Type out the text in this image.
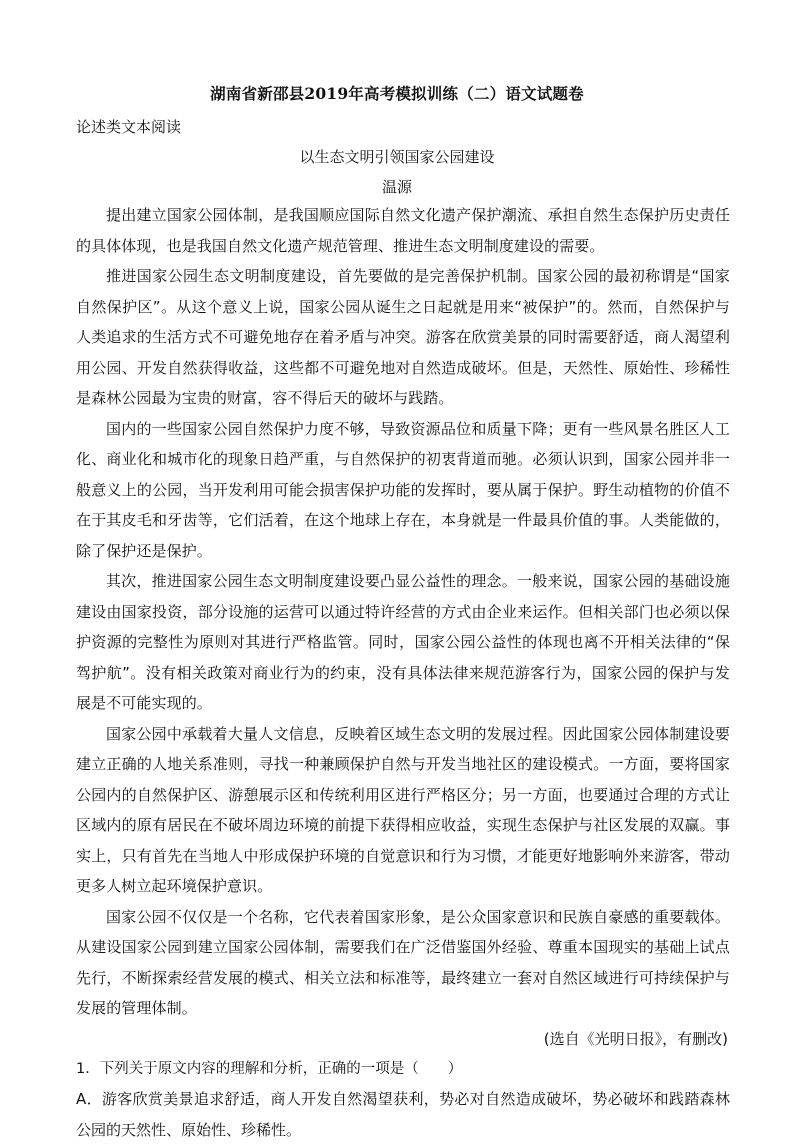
湖南省新邵县2019年高考模拟训练（二）语文试题卷
论述类文本阅读
以生态文明引领国家公园建设
温源

提出建立国家公园体制，是我国顺应国际自然文化遗产保护潮流、承担自然生态保护历史责任的具体体现，也是我国自然文化遗产规范管理、推进生态文明制度建设的需要。

推进国家公园生态文明制度建设，首先要做的是完善保护机制。国家公园的最初称谓是“国家自然保护区”。从这个意义上说，国家公园从诞生之日起就是用来“被保护”的。然而，自然保护与人类追求的生活方式不可避免地存在着矛盾与冲突。游客在欣赏美景的同时需要舒适，商人渴望利用公园、开发自然获得收益，这些都不可避免地对自然造成破坏。但是，天然性、原始性、珍稀性是森林公园最为宝贵的财富，容不得后天的破坏与践踏。

国内的一些国家公园自然保护力度不够，导致资源品位和质量下降；更有一些风景名胜区人工化、商业化和城市化的现象日趋严重，与自然保护的初衷背道而驰。必须认识到，国家公园并非一般意义上的公园，当开发利用可能会损害保护功能的发挥时，要从属于保护。野生动植物的价值不在于其皮毛和牙齿等，它们活着，在这个地球上存在，本身就是一件最具价值的事。人类能做的，除了保护还是保护。

其次，推进国家公园生态文明制度建设要凸显公益性的理念。一般来说，国家公园的基础设施建设由国家投资，部分设施的运营可以通过特许经营的方式由企业来运作。但相关部门也必须以保护资源的完整性为原则对其进行严格监管。同时，国家公园公益性的体现也离不开相关法律的“保驾护航”。没有相关政策对商业行为的约束，没有具体法律来规范游客行为，国家公园的保护与发展是不可能实现的。

国家公园中承载着大量人文信息，反映着区域生态文明的发展过程。因此国家公园体制建设要建立正确的人地关系准则，寻找一种兼顾保护自然与开发当地社区的建设模式。一方面，要将国家公园内的自然保护区、游憩展示区和传统利用区进行严格区分；另一方面，也要通过合理的方式让区域内的原有居民在不破坏周边环境的前提下获得相应收益，实现生态保护与社区发展的双赢。事实上，只有首先在当地人中形成保护环境的自觉意识和行为习惯，才能更好地影响外来游客，带动更多人树立起环境保护意识。

国家公园不仅仅是一个名称，它代表着国家形象，是公众国家意识和民族自豪感的重要载体。从建设国家公园到建立国家公园体制，需要我们在广泛借鉴国外经验、尊重本国现实的基础上试点先行，不断探索经营发展的模式、相关立法和标准等，最终建立一套对自然区域进行可持续保护与发展的管理体制。

(选自《光明日报》，有删改)

1．下列关于原文内容的理解和分析，正确的一项是（　　）

A．游客欣赏美景追求舒适，商人开发自然渴望获利，势必对自然造成破坏，势必破坏和践踏森林公园的天然性、原始性、珍稀性。
